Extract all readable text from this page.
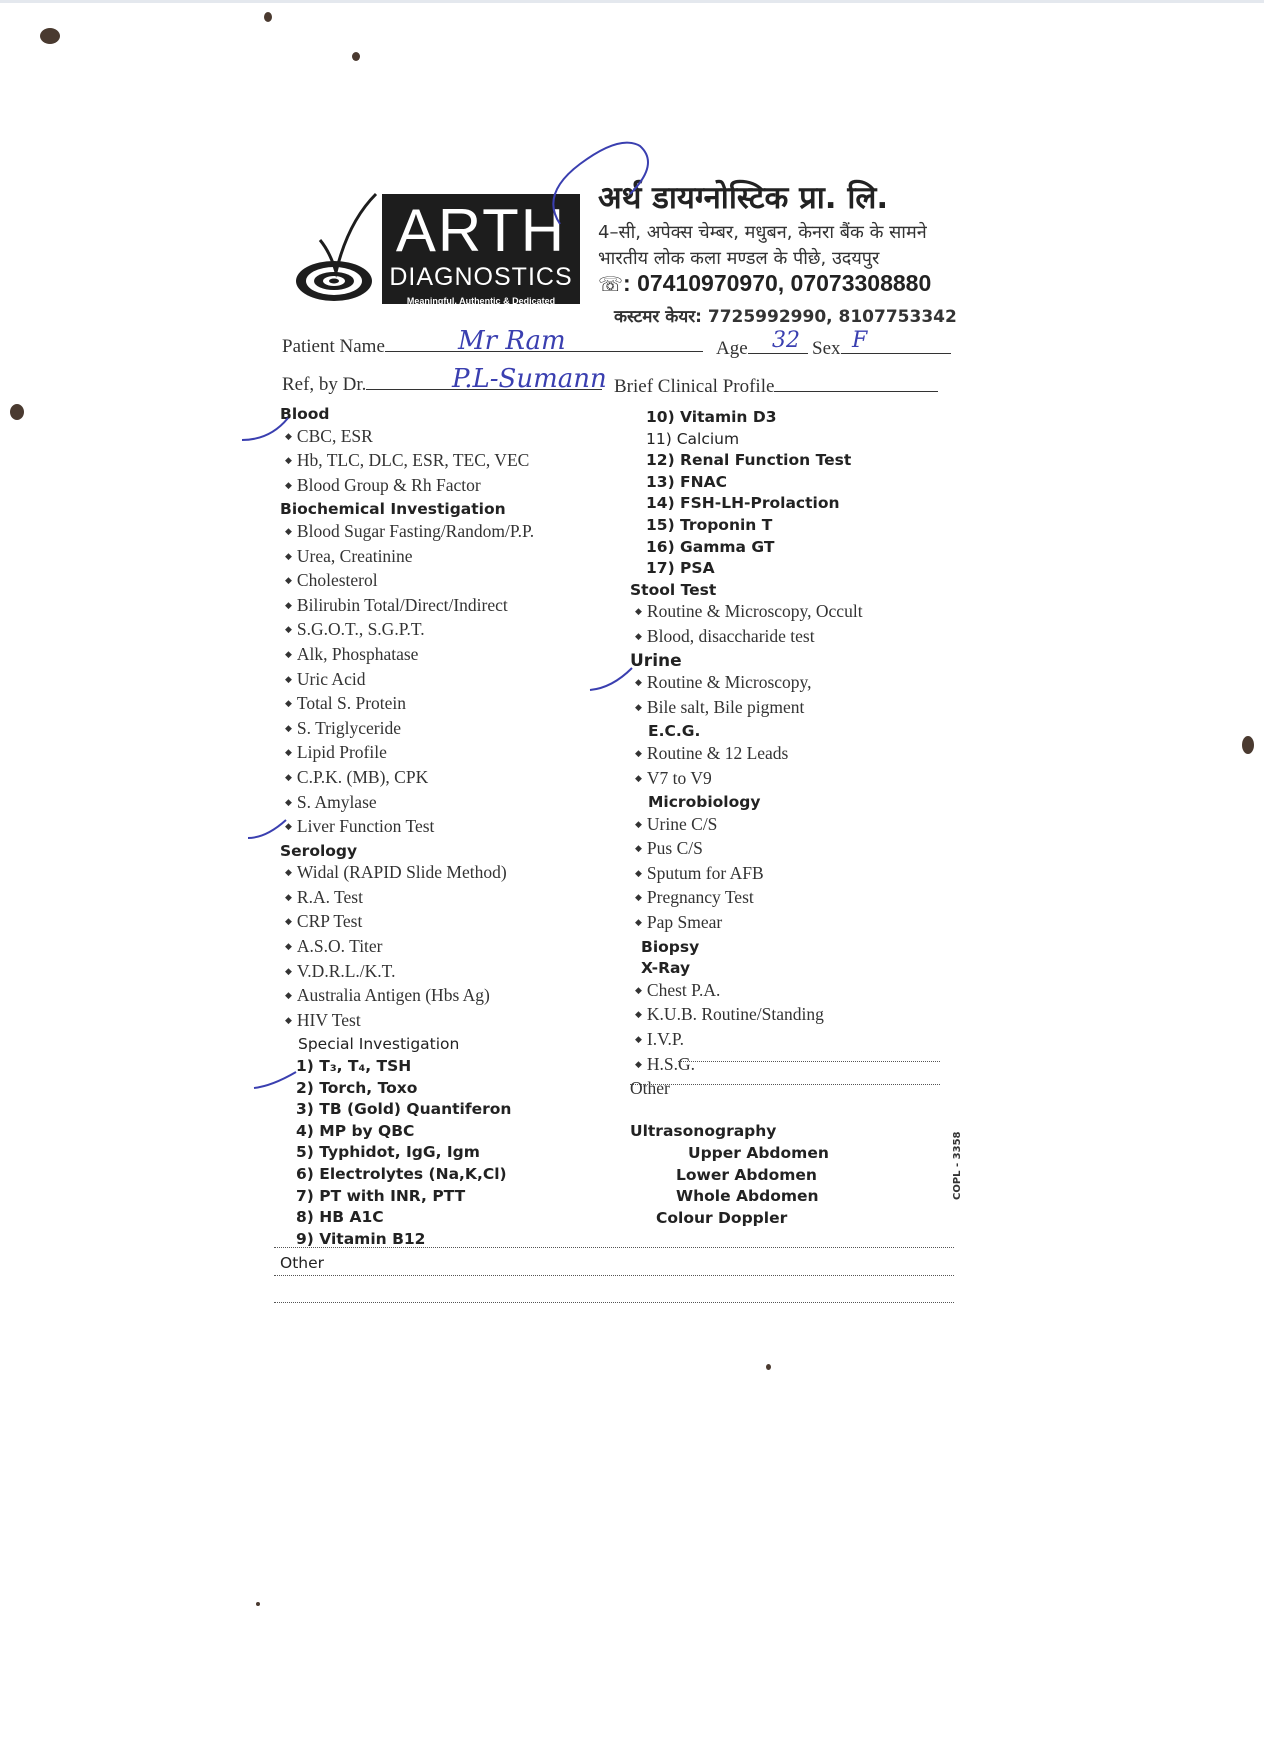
ARTH
DIAGNOSTICS
Meaningful, Authentic & Dedicated
अर्थ डायग्नोस्टिक प्रा. लि.
4–सी, अपेक्स चेम्बर, मधुबन, केनरा बैंक के सामने
भारतीय लोक कला मण्डल के पीछे, उदयपुर
☏: 07410970970, 07073308880
कस्टमर केयर: 7725992990, 8107753342
Patient Name	Mr Ram	Age	32 Sex F
Ref, by Dr.	P.L-Sumann Brief Clinical Profile
Blood
◆ CBC, ESR
◆ Hb, TLC, DLC, ESR, TEC, VEC
◆ Blood Group & Rh Factor
Biochemical Investigation
◆ Blood Sugar Fasting/Random/P.P.
◆ Urea, Creatinine
◆ Cholesterol
◆ Bilirubin Total/Direct/Indirect
◆ S.G.O.T., S.G.P.T.
◆ Alk, Phosphatase
◆ Uric Acid
◆ Total S. Protein
◆ S. Triglyceride
◆ Lipid Profile
◆ C.P.K. (MB), CPK
◆ S. Amylase
◆ Liver Function Test
Serology
◆ Widal (RAPID Slide Method)
◆ R.A. Test
◆ CRP Test
◆ A.S.O. Titer
◆ V.D.R.L./K.T.
◆ Australia Antigen (Hbs Ag)
◆ HIV Test
Special Investigation
1) T₃, T₄, TSH
2) Torch, Toxo
3) TB (Gold) Quantiferon
4) MP by QBC
5) Typhidot, IgG, Igm
6) Electrolytes (Na,K,Cl)
7) PT with INR, PTT
8) HB A1C
9) Vitamin B12
Other
10) Vitamin D3
11) Calcium
12) Renal Function Test
13) FNAC
14) FSH-LH-Prolaction
15) Troponin T
16) Gamma GT
17) PSA
Stool Test
◆ Routine & Microscopy, Occult
◆ Blood, disaccharide test
Urine
◆ Routine & Microscopy,
◆ Bile salt, Bile pigment
E.C.G.
◆ Routine & 12 Leads
◆ V7 to V9
Microbiology
◆ Urine C/S
◆ Pus C/S
◆ Sputum for AFB
◆ Pregnancy Test
◆ Pap Smear
Biopsy
X-Ray
◆ Chest P.A.
◆ K.U.B. Routine/Standing
◆ I.V.P.
◆ H.S.G.
Other
Ultrasonography
Upper Abdomen
Lower Abdomen
Whole Abdomen
Colour Doppler
COPL - 3358
